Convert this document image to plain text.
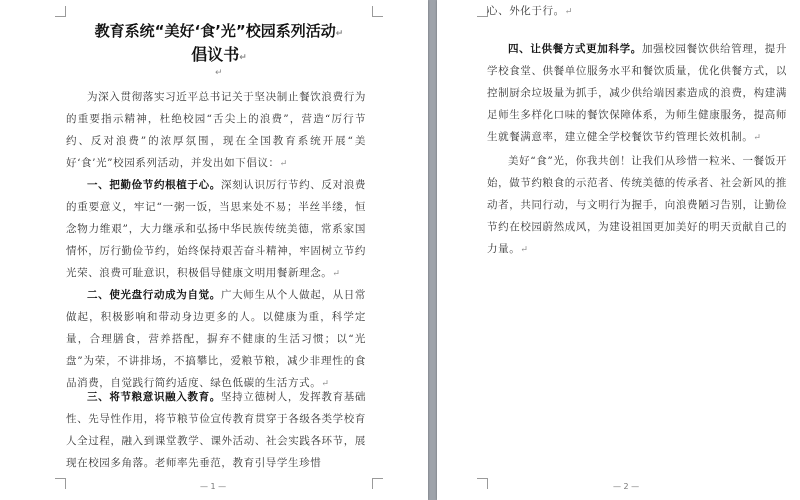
教育系统“美好‘食’光”校园系列活动↵
倡议书↵
↵

为深入贯彻落实习近平总书记关于坚决制止餐饮浪费行为的重要指示精神，杜绝校园“舌尖上的浪费”，营造“厉行节约、反对浪费”的浓厚氛围，现在全国教育系统开展“美好‘食’光”校园系列活动，并发出如下倡议：↵

一、把勤俭节约根植于心。深刻认识厉行节约、反对浪费的重要意义，牢记“一粥一饭，当思来处不易；半丝半缕，恒念物力维艰”，大力继承和弘扬中华民族传统美德，常系家国情怀，厉行勤俭节约，始终保持艰苦奋斗精神，牢固树立节约光荣、浪费可耻意识，积极倡导健康文明用餐新理念。↵

二、使光盘行动成为自觉。广大师生从个人做起，从日常做起，积极影响和带动身边更多的人。以健康为重，科学定量，合理膳食，营养搭配，摒弃不健康的生活习惯；以“光盘”为荣，不讲排场，不搞攀比，爱粮节粮，减少非理性的食品消费，自觉践行简约适度、绿色低碳的生活方式。↵

三、将节粮意识融入教育。坚持立德树人，发挥教育基础性、先导性作用，将节粮节俭宣传教育贯穿于各级各类学校育人全过程，融入到课堂教学、课外活动、社会实践各环节，展现在校园多角落。老师率先垂范，教育引导学生珍惜

— 1 —

心、外化于行。↵

四、让供餐方式更加科学。加强校园餐饮供给管理，提升学校食堂、供餐单位服务水平和餐饮质量，优化供餐方式，以控制厨余垃圾量为抓手，减少供给端因素造成的浪费，构建满足师生多样化口味的餐饮保障体系，为师生健康服务，提高师生就餐满意率，建立健全学校餐饮节约管理长效机制。↵

美好“食”光，你我共创！让我们从珍惜一粒米、一餐饭开始，做节约粮食的示范者、传统美德的传承者、社会新风的推动者，共同行动，与文明行为握手，向浪费陋习告别，让勤俭节约在校园蔚然成风，为建设祖国更加美好的明天贡献自己的力量。↵

— 2 —
